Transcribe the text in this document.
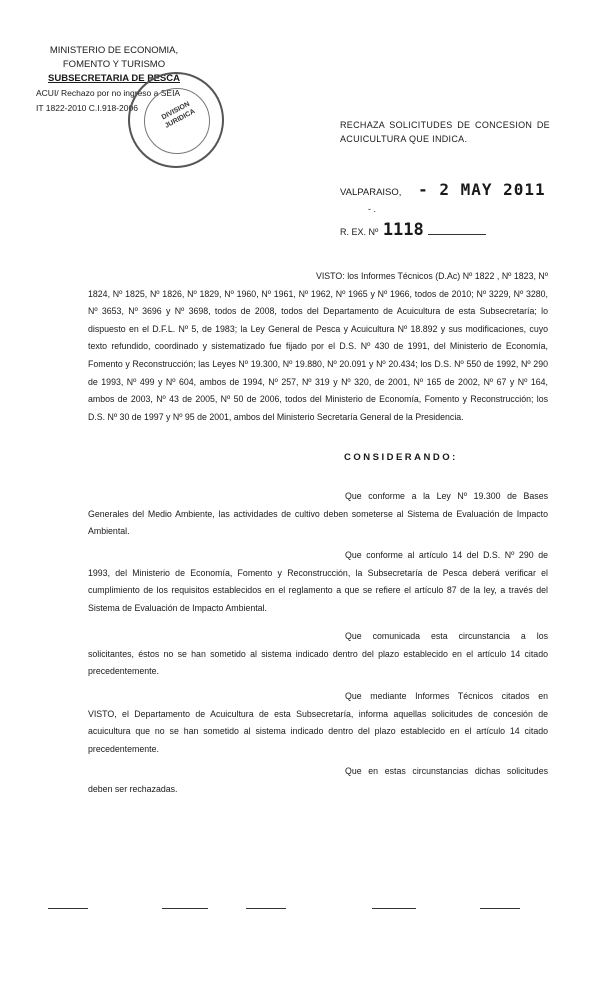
MINISTERIO DE ECONOMIA,
FOMENTO Y TURISMO
SUBSECRETARIA DE PESCA
ACUI/ Rechazo por no ingreso a SEIA
IT 1822-2010 C.I.918-2006	DIVISION JURIDICA	RECHAZA SOLICITUDES DE CONCESION DE ACUICULTURA QUE INDICA.
VALPARAISO, - 2 MAY 2011
- .
R. EX. Nº 1118
VISTO: los Informes Técnicos (D.Ac) Nº 1822 , Nº 1823, Nº 1824, Nº 1825, Nº 1826, Nº 1829, Nº 1960, Nº 1961, Nº 1962, Nº 1965 y Nº 1966, todos de 2010; Nº 3229, Nº 3280, Nº 3653, Nº 3696 y Nº 3698, todos de 2008, todos del Departamento de Acuicultura de esta Subsecretaría; lo dispuesto en el D.F.L. Nº 5, de 1983; la Ley General de Pesca y Acuicultura Nº 18.892 y sus modificaciones, cuyo texto refundido, coordinado y sistematizado fue fijado por el D.S. Nº 430 de 1991, del Ministerio de Economía, Fomento y Reconstrucción; las Leyes Nº 19.300, Nº 19.880, Nº 20.091 y Nº 20.434; los D.S. Nº 550 de 1992, Nº 290 de 1993, Nº 499 y Nº 604, ambos de 1994, Nº 257, Nº 319 y Nº 320, de 2001, Nº 165 de 2002, Nº 67 y Nº 164, ambos de 2003, Nº 43 de 2005, Nº 50 de 2006, todos del Ministerio de Economía, Fomento y Reconstrucción; los D.S. Nº 30 de 1997 y Nº 95 de 2001, ambos del Ministerio Secretaría General de la Presidencia.
CONSIDERANDO:
Que conforme a la Ley Nº 19.300 de Bases Generales del Medio Ambiente, las actividades de cultivo deben someterse al Sistema de Evaluación de Impacto Ambiental.
Que conforme al artículo 14 del D.S. Nº 290 de 1993, del Ministerio de Economía, Fomento y Reconstrucción, la Subsecretaría de Pesca deberá verificar el cumplimiento de los requisitos establecidos en el reglamento a que se refiere el artículo 87 de la ley, a través del Sistema de Evaluación de Impacto Ambiental.
Que comunicada esta circunstancia a los solicitantes, éstos no se han sometido al sistema indicado dentro del plazo establecido en el artículo 14 citado precedentemente.
Que mediante Informes Técnicos citados en VISTO, el Departamento de Acuicultura de esta Subsecretaría, informa aquellas solicitudes de concesión de acuicultura que no se han sometido al sistema indicado dentro del plazo establecido en el artículo 14 citado precedentemente.
Que en estas circunstancias dichas solicitudes deben ser rechazadas.
